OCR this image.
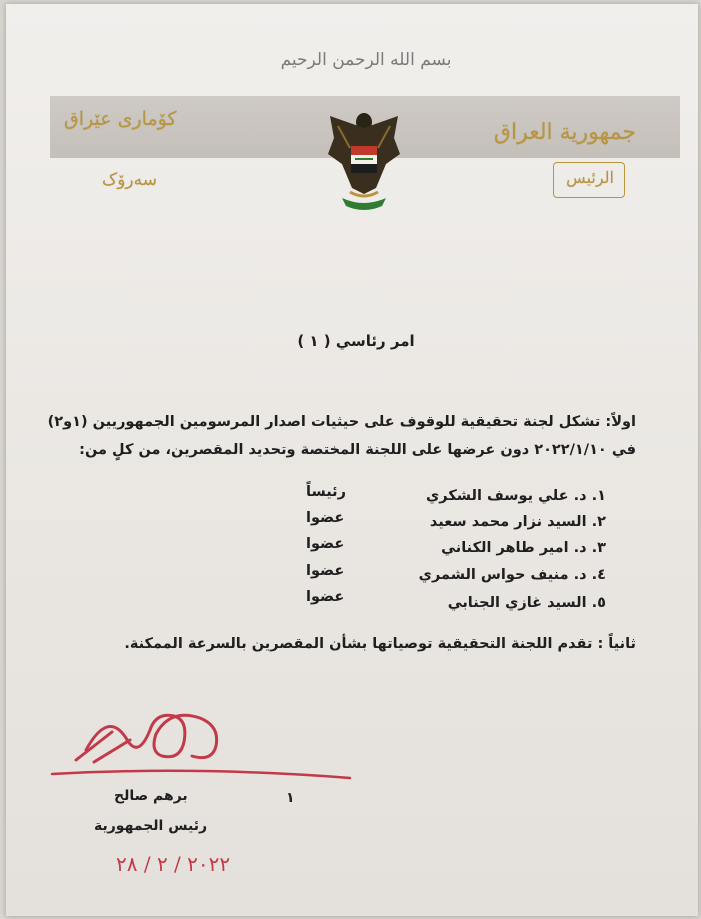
بسم الله الرحمن الرحيم
كۆماری عێراق
سەرۆک
جمهورية العراق
الرئيس
امر رئاسي ( ١ )
اولاً: تشكل لجنة تحقيقية للوقوف على حيثيات اصدار المرسومين الجمهوريين (١و٢)
في ٢٠٢٢/١/١٠ دون عرضها على اللجنة المختصة وتحديد المقصرين، من كلٍ من:
١. د. علي يوسف الشكري
رئيساً
٢. السيد نزار محمد سعيد
عضوا
٣. د. امير طاهر الكناني
عضوا
٤. د. منيف حواس الشمري
عضوا
٥. السيد غازي الجنابي
عضوا
ثانياً : تقدم اللجنة التحقيقية توصياتها بشأن المقصرين بالسرعة الممكنة.
١
برهم صالح
رئيس الجمهورية
٢٠٢٢ / ٢ / ٢٨
